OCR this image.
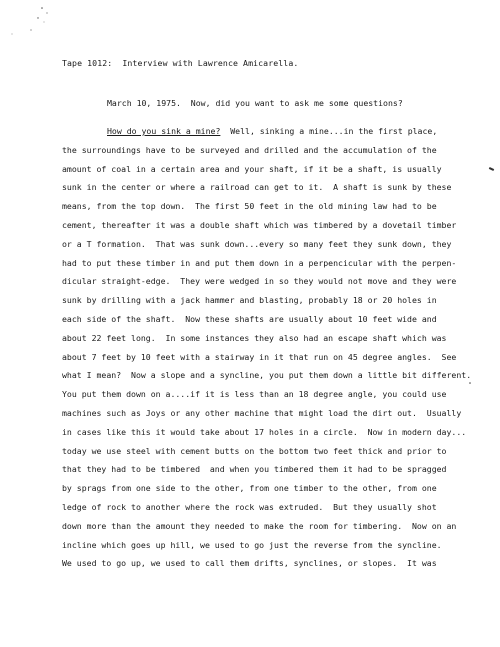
Tape 1012:  Interview with Lawrence Amicarella.
March 10, 1975.  Now, did you want to ask me some questions?
How do you sink a mine?  Well, sinking a mine...in the first place,
the surroundings have to be surveyed and drilled and the accumulation of the
amount of coal in a certain area and your shaft, if it be a shaft, is usually
sunk in the center or where a railroad can get to it.  A shaft is sunk by these
means, from the top down.  The first 50 feet in the old mining law had to be
cement, thereafter it was a double shaft which was timbered by a dovetail timber
or a T formation.  That was sunk down...every so many feet they sunk down, they
had to put these timber in and put them down in a perpencicular with the perpen-
dicular straight-edge.  They were wedged in so they would not move and they were
sunk by drilling with a jack hammer and blasting, probably 18 or 20 holes in
each side of the shaft.  Now these shafts are usually about 10 feet wide and
about 22 feet long.  In some instances they also had an escape shaft which was
about 7 feet by 10 feet with a stairway in it that run on 45 degree angles.  See
what I mean?  Now a slope and a syncline, you put them down a little bit different.
You put them down on a....if it is less than an 18 degree angle, you could use
machines such as Joys or any other machine that might load the dirt out.  Usually
in cases like this it would take about 17 holes in a circle.  Now in modern day...
today we use steel with cement butts on the bottom two feet thick and prior to
that they had to be timbered  and when you timbered them it had to be spragged
by sprags from one side to the other, from one timber to the other, from one
ledge of rock to another where the rock was extruded.  But they usually shot
down more than the amount they needed to make the room for timbering.  Now on an
incline which goes up hill, we used to go just the reverse from the syncline.
We used to go up, we used to call them drifts, synclines, or slopes.  It was
